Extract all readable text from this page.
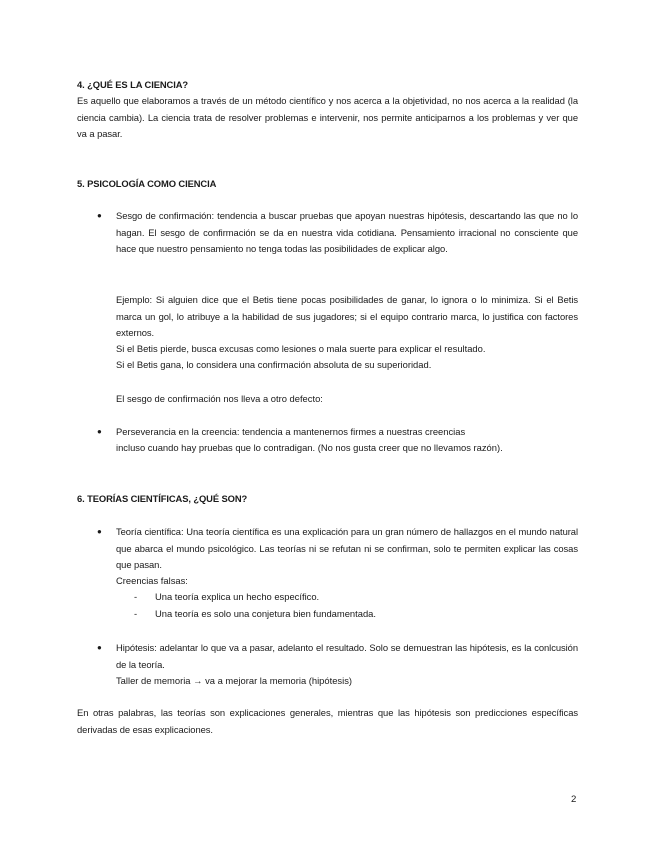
4. ¿QUÉ ES LA CIENCIA?

Es aquello que elaboramos a través de un método científico y nos acerca a la objetividad, no nos acerca a la realidad (la ciencia cambia). La ciencia trata de resolver problemas e intervenir, nos permite anticiparnos a los problemas y ver que va a pasar.

5. PSICOLOGÍA COMO CIENCIA
● Sesgo de confirmación: tendencia a buscar pruebas que apoyan nuestras hipótesis, descartando las que no lo hagan. El sesgo de confirmación se da en nuestra vida cotidiana. Pensamiento irracional no consciente que hace que nuestro pensamiento no tenga todas las posibilidades de explicar algo.

Ejemplo: Si alguien dice que el Betis tiene pocas posibilidades de ganar, lo ignora o lo minimiza. Si el Betis marca un gol, lo atribuye a la habilidad de sus jugadores; si el equipo contrario marca, lo justifica con factores externos.

Si el Betis pierde, busca excusas como lesiones o mala suerte para explicar el resultado.
Si el Betis gana, lo considera una confirmación absoluta de su superioridad.
El sesgo de confirmación nos lleva a otro defecto:
● Perseverancia en la creencia: tendencia a mantenernos firmes a nuestras creencias
incluso cuando hay pruebas que lo contradigan. (No nos gusta creer que no llevamos razón).
6. TEORÍAS CIENTÍFICAS, ¿QUÉ SON?
● Teoría científica: Una teoría científica es una explicación para un gran número de hallazgos en el mundo natural que abarca el mundo psicológico. Las teorías ni se refutan ni se confirman, solo te permiten explicar las cosas que pasan.

Creencias falsas:
- Una teoría explica un hecho específico.
- Una teoría es solo una conjetura bien fundamentada.
● Hipótesis: adelantar lo que va a pasar, adelanto el resultado. Solo se demuestran las hipótesis, es la conlcusión de la teoría.

Taller de memoria → va a mejorar la memoria (hipótesis)

En otras palabras, las teorías son explicaciones generales, mientras que las hipótesis son predicciones específicas derivadas de esas explicaciones.

2
